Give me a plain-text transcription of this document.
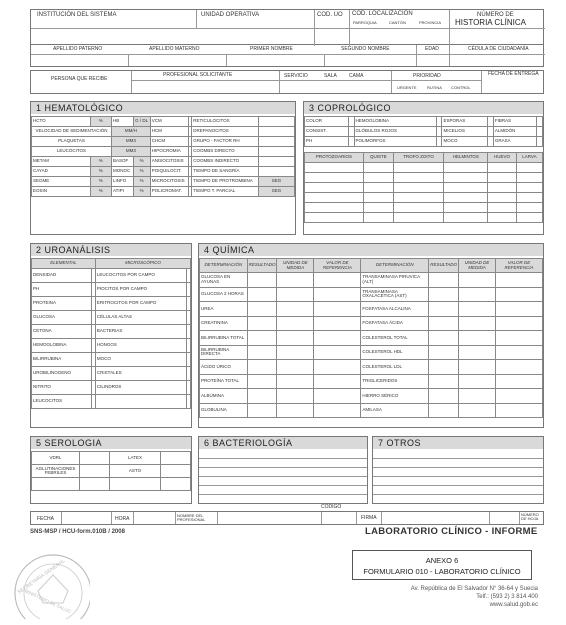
INSTITUCIÓN DEL SISTEMA	UNIDAD OPERATIVA	COD. UO COD. LOCALIZACIÓN	NÚMERO DE
HISTORIA CLÍNICA
PARROQUIA	CANTÓN	PROVINCIA
APELLIDO PATERNO	APELLIDO MATERNO	PRIMER NOMBRE	SEGUNDO NOMBRE	EDAD	CÉDULA DE CIUDADANÍA
PERSONA QUE RECIBE
PROFESIONAL SOLICITANTE	SERVICIO	SALA CAMA	PRIORIDAD	FECHA DE ENTREGA
URGENTE	RUTINA CONTROL
1 HEMATOLÓGICO
HCTO	%	HB	G / DL	VCM		RETICULOCITOS	
VELOCIDAD DE SEDIMENTACIÓN		MM/H		HCM		DREPANOCITOS	
PLAQUETAS		MM3		CHCM		GRUPO - FACTOR RH	
LEUCOCITOS		MM3		HIPOCROMIA		COOMBS DIRECTO	
METAM	%	BASOF	%	ANISOCITOSIS		COOMBS INDIRECTO	
CAYAD	%	MONOC	%	POIQUILOCIT.		TIEMPO DE SANGRÍA	
SEGME	%	LINFO	%	MICROCITOSIS		TIEMPO DE PROTROMBINA	SEG
EOSIN	%	ATIPI	%	POLICROMAT.		TIEMPO T. PARCIAL	SEG
3 COPROLÓGICO
COLOR		HEMOGLOBINA		ESPORAS		FIBRAS	
CONSIST.		GLÓBULOS ROJOS		MICELIOS		ALMIDÓN	
PH		POLIMORFOS		MOCO		GRASA	
PROTOZOARIOS	QUISTE	TROFO ZOITO	HELMINTOS	HUEVO	LARVA

2 UROANÁLISIS
ELEMENTAL		MICROSCÓPICO	
DENSIDAD		LEUCOCITOS POR CAMPO	
PH		PIOCITOS POR CAMPO	
PROTEINA		ERITROCITOS POR CAMPO	
GLUCOSA		CÉLULAS ALTAS	
CETONA		BACTERIAS	
HEMOGLOBINA		HONGOS	
BILIRRUBINA		MOCO	
UROBILINOGENO		CRISTALES	
NITRITO		CILINDROS	
LEUCOCITOS			
4 QUÍMICA
DETERMINACIÓN	RESULTADO	UNIDAD DE MEDIDA	VALOR DE REFERENCIA	DETERMINACIÓN	RESULTADO	UNIDAD DE MEDIDA	VALOR DE REFERENCIA
GLUCOSA EN AYUNAS				TRANSAMINASA PIRUVICA (ALT)			
GLUCOSA 2 HORAS				TRANSAMINASA OXALACETICA (AST)			
UREA				FOSFATASA ALCALINA			
CREATININA				FOSFATASA ÁCIDA			
BILIRRUBINA TOTAL				COLESTEROL TOTAL			
BILIRRUBINA DIRECTA				COLESTEROL HDL			
ÁCIDO ÚRICO				COLESTEROL LDL			
PROTEÍNA TOTAL				TRIGLICERIDOS			
ALBÚMINA				HIERRO SÉRICO			
GLOBULINA				AMILASA			
5 SEROLOGIA
VDRL		LATEX	
AGLUTINACIONES FEBRILES		ASTO	

6 BACTERIOLOGÍA	7 OTROS
CODIGO
FECHA	HORA
NOMBRE DEL PROFESIONAL	FIRMA
NÚMERO DE HOJA
SNS-MSP / HCU-form.010B / 2008	LABORATORIO CLÍNICO - INFORME
ANEXO 6
FORMULARIO 010 - LABORATORIO CLÍNICO
Av. República de El Salvador N° 36-64 y Suecia
Telf.: (593 2) 3 814 400
www.salud.gob.ec
SECRETARIA GENERAL
MINISTERIO DE SALUD
